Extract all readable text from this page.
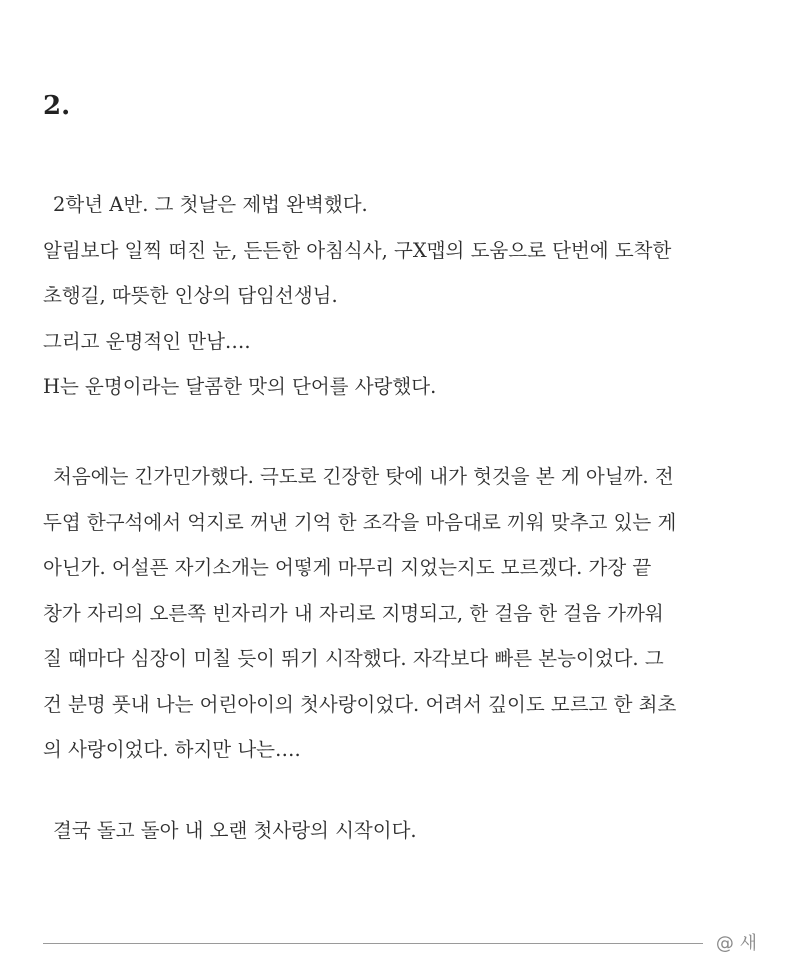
2.
2학년 A반. 그 첫날은 제법 완벽했다.
알림보다 일찍 떠진 눈, 든든한 아침식사, 구X맵의 도움으로 단번에 도착한
초행길, 따뜻한 인상의 담임선생님.
그리고 운명적인 만남….
H는 운명이라는 달콤한 맛의 단어를 사랑했다.
처음에는 긴가민가했다. 극도로 긴장한 탓에 내가 헛것을 본 게 아닐까. 전
두엽 한구석에서 억지로 꺼낸 기억 한 조각을 마음대로 끼워 맞추고 있는 게
아닌가. 어설픈 자기소개는 어떻게 마무리 지었는지도 모르겠다. 가장 끝
창가 자리의 오른쪽 빈자리가 내 자리로 지명되고, 한 걸음 한 걸음 가까워
질 때마다 심장이 미칠 듯이 뛰기 시작했다. 자각보다 빠른 본능이었다. 그
건 분명 풋내 나는 어린아이의 첫사랑이었다. 어려서 깊이도 모르고 한 최초
의 사랑이었다. 하지만 나는….
결국 돌고 돌아 내 오랜 첫사랑의 시작이다.
@ 새
